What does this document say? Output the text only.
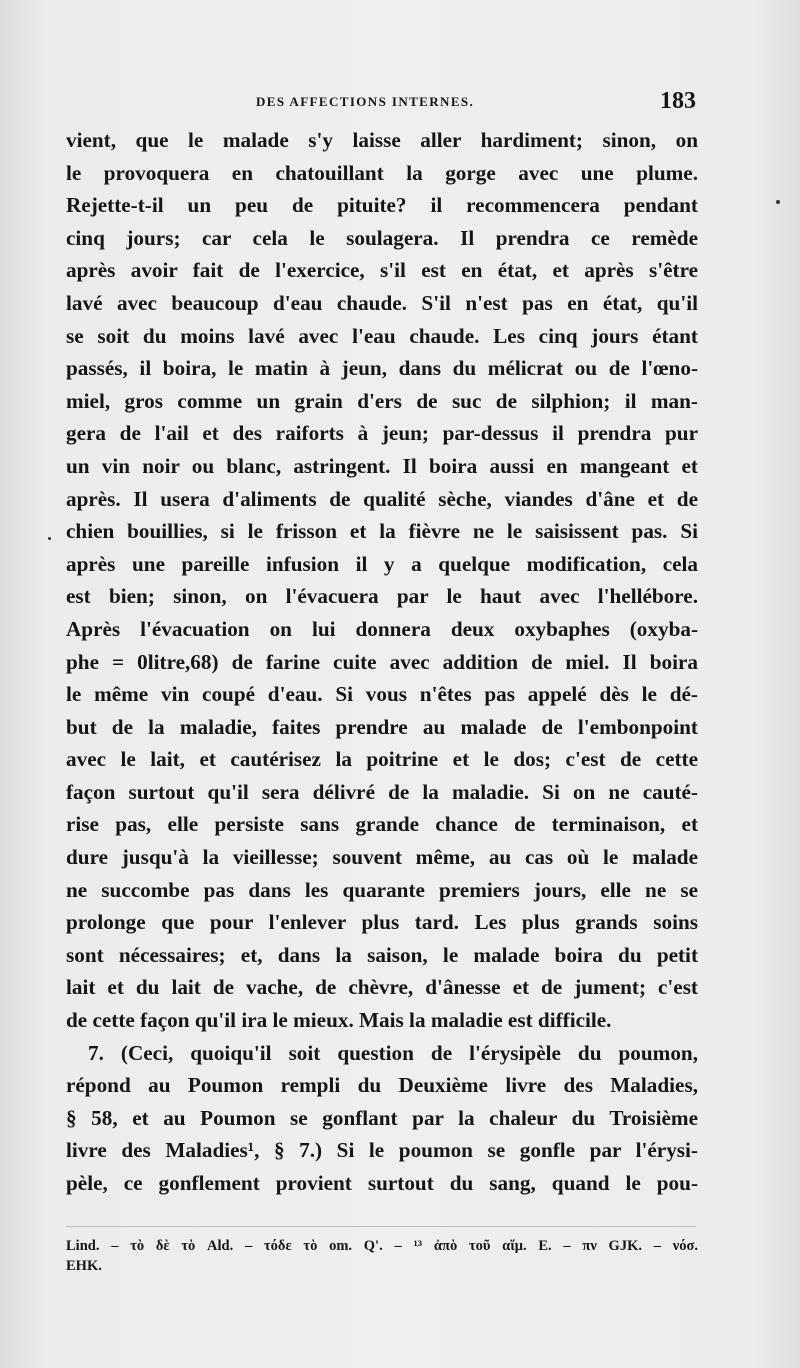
DES AFFECTIONS INTERNES.	183
vient, que le malade s'y laisse aller hardiment; sinon, on
le provoquera en chatouillant la gorge avec une plume.
Rejette-t-il un peu de pituite? il recommencera pendant
cinq jours; car cela le soulagera. Il prendra ce remède
après avoir fait de l'exercice, s'il est en état, et après s'être
lavé avec beaucoup d'eau chaude. S'il n'est pas en état, qu'il
se soit du moins lavé avec l'eau chaude. Les cinq jours étant
passés, il boira, le matin à jeun, dans du mélicrat ou de l'œno-
miel, gros comme un grain d'ers de suc de silphion; il man-
gera de l'ail et des raiforts à jeun; par-dessus il prendra pur
un vin noir ou blanc, astringent. Il boira aussi en mangeant et
après. Il usera d'aliments de qualité sèche, viandes d'âne et de
chien bouillies, si le frisson et la fièvre ne le saisissent pas. Si
après une pareille infusion il y a quelque modification, cela
est bien; sinon, on l'évacuera par le haut avec l'hellébore.
Après l'évacuation on lui donnera deux oxybaphes (oxyba-
phe = 0litre,68) de farine cuite avec addition de miel. Il boira
le même vin coupé d'eau. Si vous n'êtes pas appelé dès le dé-
but de la maladie, faites prendre au malade de l'embonpoint
avec le lait, et cautérisez la poitrine et le dos; c'est de cette
façon surtout qu'il sera délivré de la maladie. Si on ne cauté-
rise pas, elle persiste sans grande chance de terminaison, et
dure jusqu'à la vieillesse; souvent même, au cas où le malade
ne succombe pas dans les quarante premiers jours, elle ne se
prolonge que pour l'enlever plus tard. Les plus grands soins
sont nécessaires; et, dans la saison, le malade boira du petit
lait et du lait de vache, de chèvre, d'ânesse et de jument; c'est
de cette façon qu'il ira le mieux. Mais la maladie est difficile.
7. (Ceci, quoiqu'il soit question de l'érysipèle du poumon,
répond au Poumon rempli du Deuxième livre des Maladies,
§ 58, et au Poumon se gonflant par la chaleur du Troisième
livre des Maladies¹, § 7.) Si le poumon se gonfle par l'érysi-
pèle, ce gonflement provient surtout du sang, quand le pou-
Lind. – τὸ δὲ τὸ Ald. – τόδε τὸ om. Q'. – ¹³ ἀπὸ τοῦ αἵμ. E. – πν GJK. – νόσ.
EHK.
